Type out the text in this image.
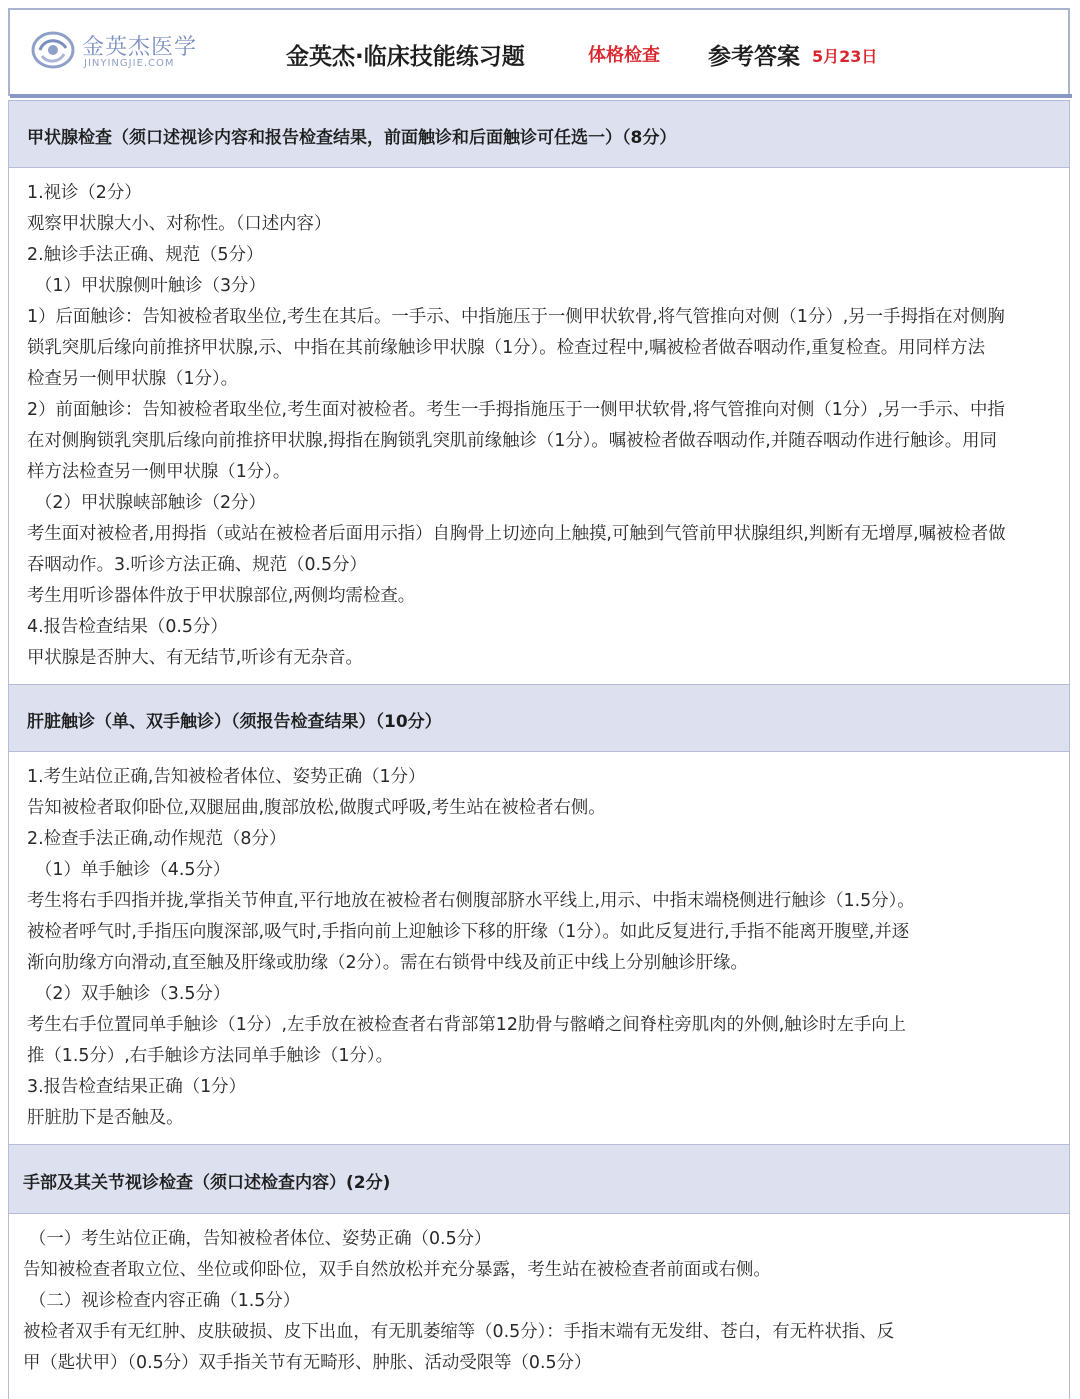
金英杰医学
JINYINGJIE.COM	金英杰·临床技能练习题	体格检查 参考答案 5月23日
甲状腺检查（须口述视诊内容和报告检查结果，前面触诊和后面触诊可任选一）（8分）
1.视诊（2分）
观察甲状腺大小、对称性。（口述内容）
2.触诊手法正确、规范（5分）
（1）甲状腺侧叶触诊（3分）
1）后面触诊：告知被检者取坐位,考生在其后。一手示、中指施压于一侧甲状软骨,将气管推向对侧（1分）,另一手拇指在对侧胸
锁乳突肌后缘向前推挤甲状腺,示、中指在其前缘触诊甲状腺（1分）。检查过程中,嘱被检者做吞咽动作,重复检查。用同样方法
检查另一侧甲状腺（1分）。
2）前面触诊：告知被检者取坐位,考生面对被检者。考生一手拇指施压于一侧甲状软骨,将气管推向对侧（1分）,另一手示、中指
在对侧胸锁乳突肌后缘向前推挤甲状腺,拇指在胸锁乳突肌前缘触诊（1分）。嘱被检者做吞咽动作,并随吞咽动作进行触诊。用同
样方法检查另一侧甲状腺（1分）。
（2）甲状腺峡部触诊（2分）
考生面对被检者,用拇指（或站在被检者后面用示指）自胸骨上切迹向上触摸,可触到气管前甲状腺组织,判断有无增厚,嘱被检者做
吞咽动作。3.听诊方法正确、规范（0.5分）
考生用听诊器体件放于甲状腺部位,两侧均需检查。
4.报告检查结果（0.5分）
甲状腺是否肿大、有无结节,听诊有无杂音。
肝脏触诊（单、双手触诊）（须报告检查结果）（10分）
1.考生站位正确,告知被检者体位、姿势正确（1分）
告知被检者取仰卧位,双腿屈曲,腹部放松,做腹式呼吸,考生站在被检者右侧。
2.检查手法正确,动作规范（8分）
（1）单手触诊（4.5分）
考生将右手四指并拢,掌指关节伸直,平行地放在被检者右侧腹部脐水平线上,用示、中指末端桡侧进行触诊（1.5分）。
被检者呼气时,手指压向腹深部,吸气时,手指向前上迎触诊下移的肝缘（1分）。如此反复进行,手指不能离开腹壁,并逐
渐向肋缘方向滑动,直至触及肝缘或肋缘（2分）。需在右锁骨中线及前正中线上分别触诊肝缘。
（2）双手触诊（3.5分）
考生右手位置同单手触诊（1分）,左手放在被检查者右背部第12肋骨与髂嵴之间脊柱旁肌肉的外侧,触诊时左手向上
推（1.5分）,右手触诊方法同单手触诊（1分）。
3.报告检查结果正确（1分）
肝脏肋下是否触及。
手部及其关节视诊检查（须口述检查内容）(2分)
（一）考生站位正确，告知被检者体位、姿势正确（0.5分）
告知被检查者取立位、坐位或仰卧位，双手自然放松并充分暴露，考生站在被检查者前面或右侧。
（二）视诊检查内容正确（1.5分）
被检者双手有无红肿、皮肤破损、皮下出血，有无肌萎缩等（0.5分）：手指末端有无发绀、苍白，有无杵状指、反
甲（匙状甲）（0.5分）双手指关节有无畸形、肿胀、活动受限等（0.5分）
